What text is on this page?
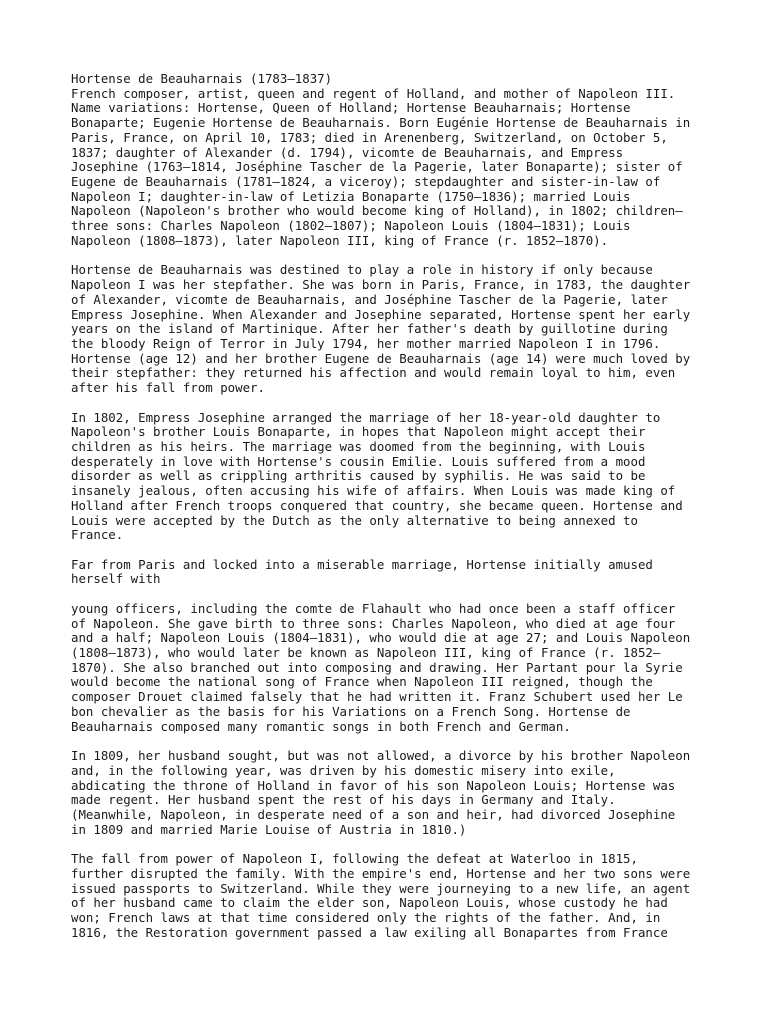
Hortense de Beauharnais (1783–1837)
French composer, artist, queen and regent of Holland, and mother of Napoleon III.
Name variations: Hortense, Queen of Holland; Hortense Beauharnais; Hortense
Bonaparte; Eugenie Hortense de Beauharnais. Born Eugénie Hortense de Beauharnais in
Paris, France, on April 10, 1783; died in Arenenberg, Switzerland, on October 5,
1837; daughter of Alexander (d. 1794), vicomte de Beauharnais, and Empress
Josephine (1763–1814, Joséphine Tascher de la Pagerie, later Bonaparte); sister of
Eugene de Beauharnais (1781–1824, a viceroy); stepdaughter and sister-in-law of
Napoleon I; daughter-in-law of Letizia Bonaparte (1750–1836); married Louis
Napoleon (Napoleon's brother who would become king of Holland), in 1802; children—
three sons: Charles Napoleon (1802–1807); Napoleon Louis (1804–1831); Louis
Napoleon (1808–1873), later Napoleon III, king of France (r. 1852–1870).
Hortense de Beauharnais was destined to play a role in history if only because
Napoleon I was her stepfather. She was born in Paris, France, in 1783, the daughter
of Alexander, vicomte de Beauharnais, and Joséphine Tascher de la Pagerie, later
Empress Josephine. When Alexander and Josephine separated, Hortense spent her early
years on the island of Martinique. After her father's death by guillotine during
the bloody Reign of Terror in July 1794, her mother married Napoleon I in 1796.
Hortense (age 12) and her brother Eugene de Beauharnais (age 14) were much loved by
their stepfather: they returned his affection and would remain loyal to him, even
after his fall from power.
In 1802, Empress Josephine arranged the marriage of her 18-year-old daughter to
Napoleon's brother Louis Bonaparte, in hopes that Napoleon might accept their
children as his heirs. The marriage was doomed from the beginning, with Louis
desperately in love with Hortense's cousin Emilie. Louis suffered from a mood
disorder as well as crippling arthritis caused by syphilis. He was said to be
insanely jealous, often accusing his wife of affairs. When Louis was made king of
Holland after French troops conquered that country, she became queen. Hortense and
Louis were accepted by the Dutch as the only alternative to being annexed to
France.
Far from Paris and locked into a miserable marriage, Hortense initially amused
herself with
young officers, including the comte de Flahault who had once been a staff officer
of Napoleon. She gave birth to three sons: Charles Napoleon, who died at age four
and a half; Napoleon Louis (1804–1831), who would die at age 27; and Louis Napoleon
(1808–1873), who would later be known as Napoleon III, king of France (r. 1852–
1870). She also branched out into composing and drawing. Her Partant pour la Syrie
would become the national song of France when Napoleon III reigned, though the
composer Drouet claimed falsely that he had written it. Franz Schubert used her Le
bon chevalier as the basis for his Variations on a French Song. Hortense de
Beauharnais composed many romantic songs in both French and German.
In 1809, her husband sought, but was not allowed, a divorce by his brother Napoleon
and, in the following year, was driven by his domestic misery into exile,
abdicating the throne of Holland in favor of his son Napoleon Louis; Hortense was
made regent. Her husband spent the rest of his days in Germany and Italy.
(Meanwhile, Napoleon, in desperate need of a son and heir, had divorced Josephine
in 1809 and married Marie Louise of Austria in 1810.)
The fall from power of Napoleon I, following the defeat at Waterloo in 1815,
further disrupted the family. With the empire's end, Hortense and her two sons were
issued passports to Switzerland. While they were journeying to a new life, an agent
of her husband came to claim the elder son, Napoleon Louis, whose custody he had
won; French laws at that time considered only the rights of the father. And, in
1816, the Restoration government passed a law exiling all Bonapartes from France
